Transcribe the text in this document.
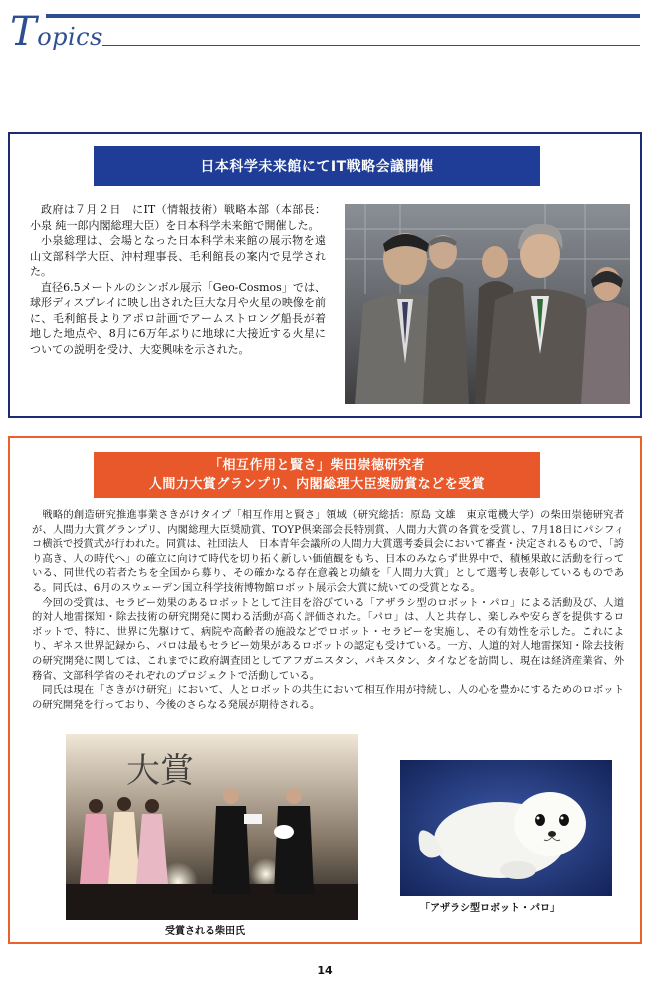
Topics
日本科学未来館にてIT戦略会議開催

政府は７月２日　にIT（情報技術）戦略本部（本部長：小泉 純一郎内閣総理大臣）を日本科学未来館で開催した。

小泉総理は、会場となった日本科学未来館の展示物を遠山文部科学大臣、沖村理事長、毛利館長の案内で見学された。

直径6.5メートルのシンボル展示「Geo-Cosmos」では、球形ディスプレイに映し出された巨大な月や火星の映像を前に、毛利館長よりアポロ計画でアームストロング船長が着地した地点や、8月に6万年ぶりに地球に大接近する火星についての説明を受け、大変興味を示された。

「相互作用と賢さ」柴田崇徳研究者
人間力大賞グランプリ、内閣総理大臣奨励賞などを受賞

戦略的創造研究推進事業さきがけタイプ「相互作用と賢さ」領域（研究総括：原島 文雄　東京電機大学）の柴田崇徳研究者が、人間力大賞グランプリ、内閣総理大臣奨励賞、TOYP倶楽部会長特別賞、人間力大賞の各賞を受賞し、7月18日にパシフィコ横浜で授賞式が行われた。同賞は、社団法人　日本青年会議所の人間力大賞選考委員会において審査・決定されるもので、「誇り高き、人の時代へ」の確立に向けて時代を切り拓く新しい価値観をもち、日本のみならず世界中で、積極果敢に活動を行っている、同世代の若者たちを全国から募り、その確かなる存在意義と功績を「人間力大賞」として選考し表彰しているものである。同氏は、6月のスウェーデン国立科学技術博物館ロボット展示会大賞に続いての受賞となる。

今回の受賞は、セラピー効果のあるロボットとして注目を浴びている「アザラシ型のロボット・パロ」による活動及び、人道的対人地雷探知・除去技術の研究開発に関わる活動が高く評価された。「パロ」は、人と共存し、楽しみや安らぎを提供するロボットで、特に、世界に先駆けて、病院や高齢者の施設などでロボット・セラピーを実施し、その有効性を示した。これにより、ギネス世界記録から、パロは最もセラピー効果があるロボットの認定も受けている。一方、人道的対人地雷探知・除去技術の研究開発に関しては、これまでに政府調査団としてアフガニスタン、パキスタン、タイなどを訪問し、現在は経済産業省、外務省、文部科学省のそれぞれのプロジェクトで活動している。

同氏は現在「さきがけ研究」において、人とロボットの共生において相互作用が持続し、人の心を豊かにするためのロボットの研究開発を行っており、今後のさらなる発展が期待される。

大賞
受賞される柴田氏
「アザラシ型ロボット・パロ」
14
